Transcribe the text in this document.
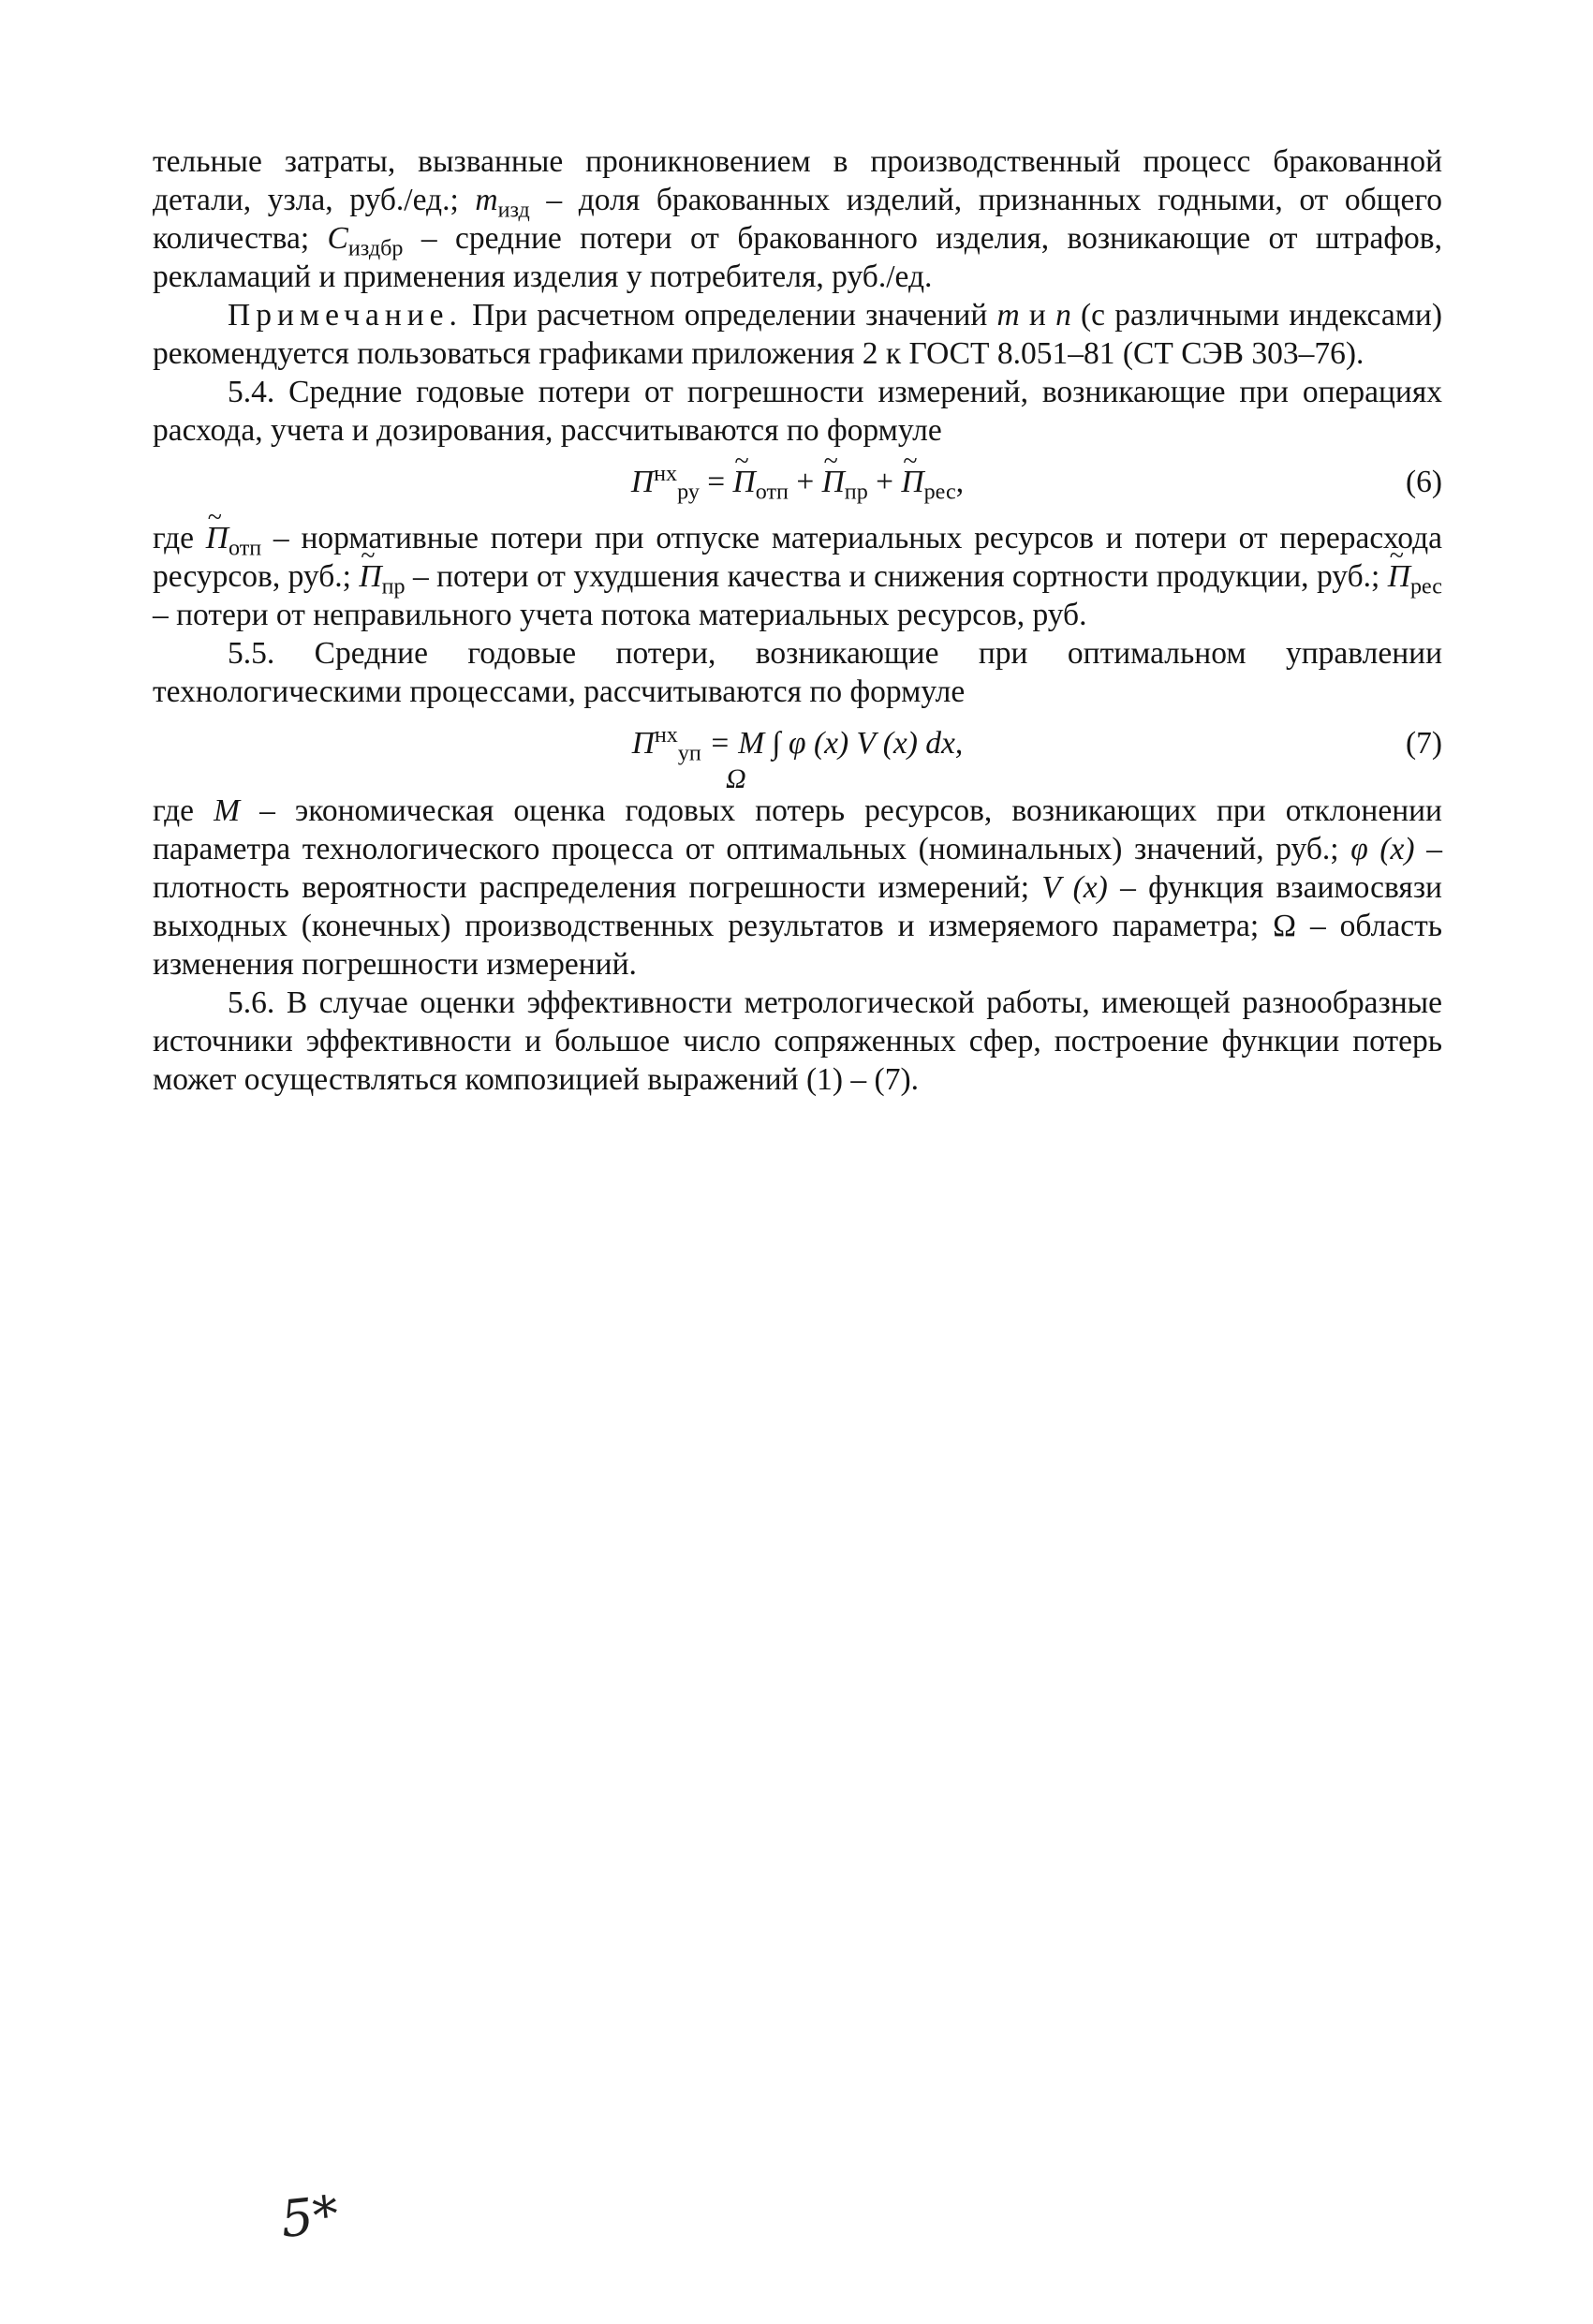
тельные затраты, вызванные проникновением в производственный процесс бракованной детали, узла, руб./ед.; $m_{изд}$ – доля бракованных изделий, признанных годными, от общего количества; $C_{издбр}$ – средние потери от бракованного изделия, возникающие от штрафов, рекламаций и применения изделия у потребителя, руб./ед.

Примечание. При расчетном определении значений m и n (с различными индексами) рекомендуется пользоваться графиками приложения 2 к ГОСТ 8.051–81 (СТ СЭВ 303–76).

5.4. Средние годовые потери от погрешности измерений, возникающие при операциях расхода, учета и дозирования, рассчитываются по формуле

$П^{нх}_{ру}$ = ~ $П_{отп}$ + ~ $П_{пр}$ + ~ $П_{рес}$,	(6)

где ~ $П_{отп}$ – нормативные потери при отпуске материальных ресурсов и потери от перерасхода ресурсов, руб.; ~ $П_{пр}$ – потери от ухудшения качества и снижения сортности продукции, руб.; ~ $П_{рес}$ – потери от неправильного учета потока материальных ресурсов, руб.

5.5. Средние годовые потери, возникающие при оптимальном управлении технологическими процессами, рассчитываются по формуле

$П^{нх}_{уп} = M$ ∫ φ (x) V (x) dx,
Ω
(7)

где M – экономическая оценка годовых потерь ресурсов, возникающих при отклонении параметра технологического процесса от оптимальных (номинальных) значений, руб.; φ (x) – плотность вероятности распределения погрешности измерений; V (x) – функция взаимосвязи выходных (конечных) производственных результатов и измеряемого параметра; Ω – область изменения погрешности измерений.

5.6. В случае оценки эффективности метрологической работы, имеющей разнообразные источники эффективности и большое число сопряженных сфер, построение функции потерь может осуществляться композицией выражений (1) – (7).

5*
